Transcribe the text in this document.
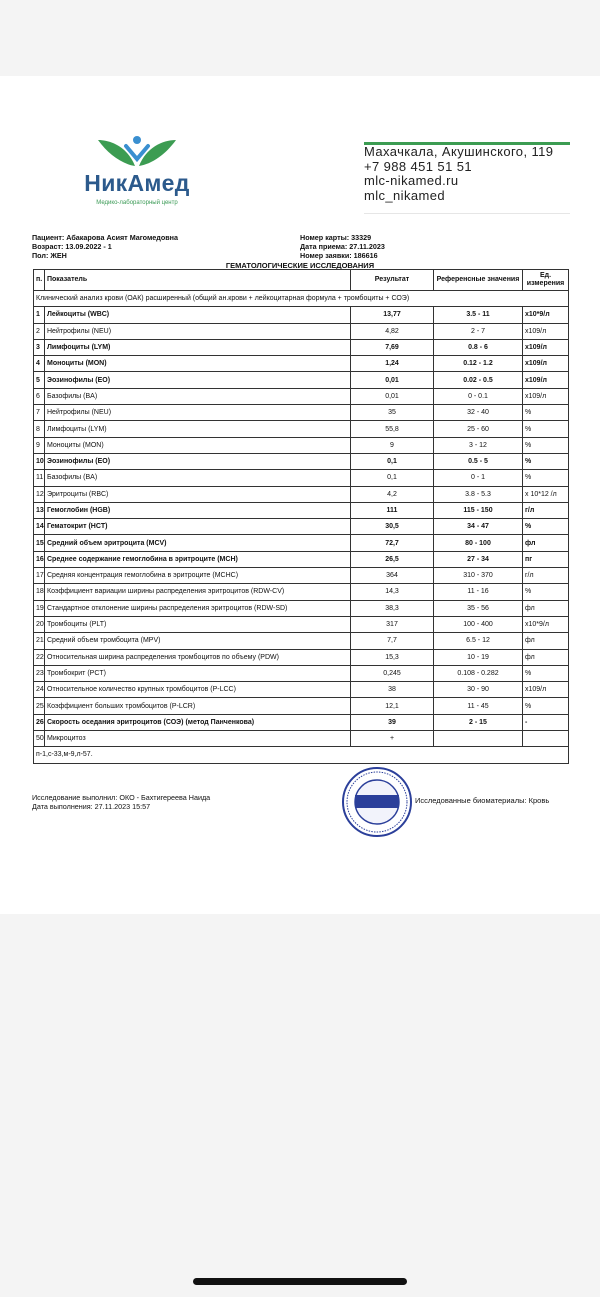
НикАмед
Медико-лабораторный центр
Махачкала, Акушинского, 119
+7 988 451 51 51
mlc-nikamed.ru
mlc_nikamed
Пациент: Абакарова Асият Магомедовна
Возраст: 13.09.2022 - 1
Пол: ЖЕН
Номер карты: 33329
Дата приема: 27.11.2023
Номер заявки: 186616
ГЕМАТОЛОГИЧЕСКИЕ ИССЛЕДОВАНИЯ
п.	Показатель	Результат	Референсные значения	Ед. измерения
Клинический анализ крови (ОАК) расширенный (общий ан.крови + лейкоцитарная формула + тромбоциты + СОЭ)				
1	Лейкоциты (WBC)	13,77	3.5 - 11	x10*9/л
2	Нейтрофилы (NEU)	4,82	2 - 7	x109/л
3	Лимфоциты (LYM)	7,69	0.8 - 6	x109/л
4	Моноциты (MON)	1,24	0.12 - 1.2	x109/л
5	Эозинофилы (EO)	0,01	0.02 - 0.5	x109/л
6	Базофилы (BA)	0,01	0 - 0.1	x109/л
7	Нейтрофилы (NEU)	35	32 - 40	%
8	Лимфоциты (LYM)	55,8	25 - 60	%
9	Моноциты (MON)	9	3 - 12	%
10	Эозинофилы (EO)	0,1	0.5 - 5	%
11	Базофилы (BA)	0,1	0 - 1	%
12	Эритроциты (RBC)	4,2	3.8 - 5.3	x 10*12 /л
13	Гемоглобин (HGB)	111	115 - 150	г/л
14	Гематокрит (HCT)	30,5	34 - 47	%
15	Средний объем эритроцита (MCV)	72,7	80 - 100	фл
16	Среднее содержание гемоглобина в эритроците (MCH)	26,5	27 - 34	пг
17	Средняя концентрация гемоглобина в эритроците (MCHC)	364	310 - 370	г/л
18	Коэффициент вариации ширины распределения эритроцитов (RDW-CV)	14,3	11 - 16	%
19	Стандартное отклонение ширины распределения эритроцитов (RDW-SD)	38,3	35 - 56	фл
20	Тромбоциты (PLT)	317	100 - 400	x10*9/л
21	Средний объем тромбоцита (MPV)	7,7	6.5 - 12	фл
22	Относительная ширина распределения тромбоцитов по объему (PDW)	15,3	10 - 19	фл
23	Тромбокрит (PCT)	0,245	0.108 - 0.282	%
24	Относительное количество крупных тромбоцитов (P-LCC)	38	30 - 90	x109/л
25	Коэффициент больших тромбоцитов (P-LCR)	12,1	11 - 45	%
26	Скорость оседания эритроцитов (СОЭ) (метод Панченкова)	39	2 - 15	-
50	Микроцитоз	+		
п-1,с-33,м-9,л-57.				
Исследование выполнил: ОКО - Бахтигереева Наида
Дата выполнения: 27.11.2023 15:57
Исследованные биоматериалы: Кровь
